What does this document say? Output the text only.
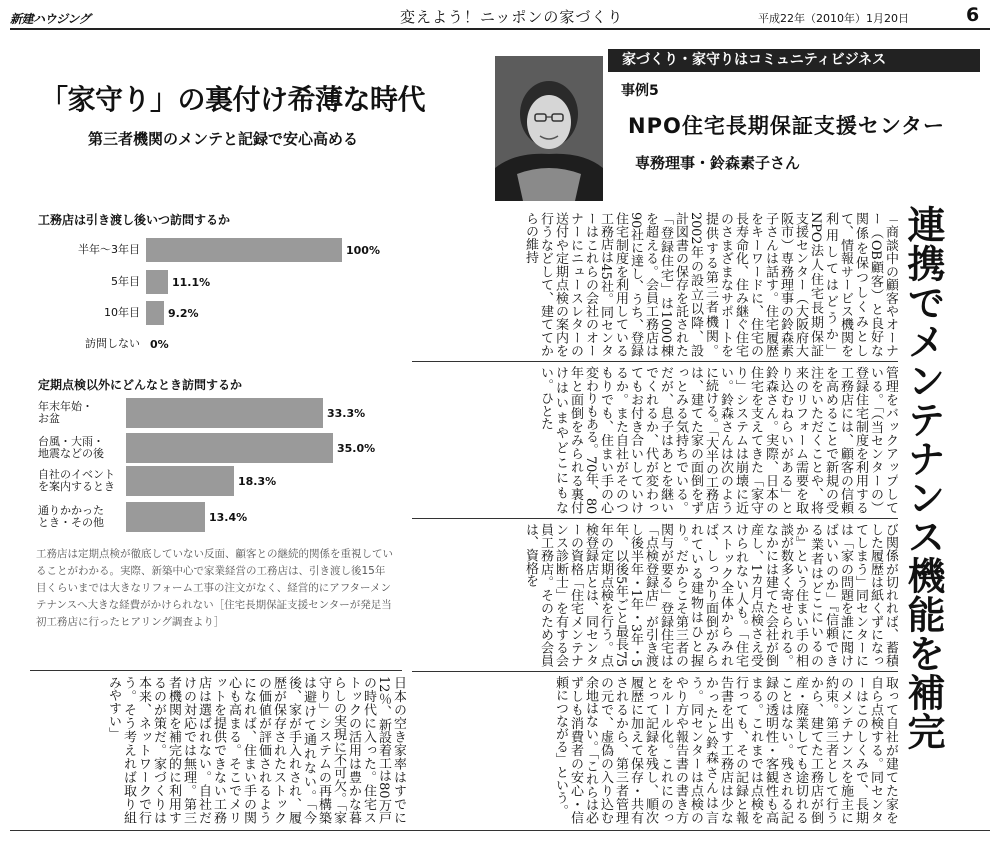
新建ハウジング	変えよう！ニッポンの家づくり	平成22年（2010年）1月20日	6
「家守り」の裏付け希薄な時代
第三者機関のメンテと記録で安心高める
家づくり・家守りはコミュニティビジネス
事例5
NPO住宅長期保証支援センター
専務理事・鈴森素子さん
連携でメンテナンス機能を補完
「商談中の顧客やオーナー（OB顧客）と良好な関係を保つしくみとして、情報サービス機関を利用してはどうか」NPO法人住宅長期保証支援センター（大阪府大阪市）専務理事の鈴森素子さんは話す。住宅履歴をキーワードに、住宅の長寿命化、住み継ぐ住宅のさまざまなサポートを提供する第三者機関。2002年の設立以降、設計図書の保存を託された「登録住宅」は1000棟を超える。会員工務店は90社に達し、うち、登録住宅制度を利用している工務店は45社。同センターはこれらの会社のオーナーにニュースレターの送付や定期点検の案内を行うなどして、建ててからの維持
管理をバックアップしている。「（当センターの）登録住宅制度を利用する工務店には、顧客の信頼を高めることで新規の受注をいただくことや、将来のリフォーム需要を取り込むねらいがある」と鈴森さん。実際、日本の住宅を支えてきた「家守り」システムは崩壊に近い。鈴森さんは次のように続ける。「大半の工務店は、建てた家の面倒をずっとみる気持ちでいる。だが、息子はあとを継いでくれるか、代が変わってもお付き合いしていけるか。また自社がそのつもりでも、住まい手の心変わりもある。70年、80年と面倒をみられる裏付けはいまやどこにもない。ひとた
び関係が切れれば、蓄積した履歴は紙くずになってしまう」同センターには「家の問題を誰に聞けばいいのか」『信頼できる業者はどこにいるのか』という住まい手の相談が数多く寄せられる。なかには建てた会社が倒産し、1カ月点検さえ受けられない人も。「住宅ストック全体からみれば、しっかり面倒がみられている建物はひと握り。だからこそ第三者の関与が要る」登録住宅は「点検登録店」が引き渡し後半年・1年・3年・5年、以後5年ごと最長75年の定期点検を行う。点検登録店とは、同センターの資格「住宅メンテナンス診断士」を有する会員工務店。そのため会員は、資格を
取って自社が建てた家を自ら点検する。同センターはこのしくみで、長期のメンテナンスを施主に約束。第三者として行うから、建てた工務店が倒産・廃業しても途切れることはない。残される記録の透明性・客観性も高まる。これまでは点検を行っても、その記録と報告書を出す工務店は少なかったと鈴森さんは言う。同センターは点検のやり方や報告書の書き方をルール化。これにのっとって記録を残し、順次履歴に加えて保存・共有されるから、第三者管理の元で、虚偽の入り込む余地はない。「これらは必ずしも消費者の安心・信頼につながる」という。
日本の空き家率はすでに12％、新設着工は80万戸の時代に入った。住宅ストックの活用は豊かな暮らしの実現に不可欠。「家守り」システムの再構築は避けて通れない。「今後、家が手入れされ、履歴が保存されたストックの価値が評価されるようになれば、住まい手の関心も高まる。そこでメリットを提供できない工務店は選ばれない。自社だけの対応では無理。第三者機関を補完的に利用するのが策だ。家づくりは本来、ネットワークで行う。そう考えれば取り組みやすい」
工務店は引き渡し後いつ訪問するか
半年〜3年目	100%
5年目	11.1%
10年目	9.2%
訪問しない 0%
定期点検以外にどんなとき訪問するか
年末年始・
お盆	33.3%
台風・大雨・
地震などの後	35.0%
自社のイベント
を案内するとき	18.3%
通りかかった
とき・その他	13.4%
工務店は定期点検が徹底していない反面、顧客との継続的関係を重視していることがわかる。実際、新築中心で家業経営の工務店は、引き渡し後15年目くらいまでは大きなリフォーム工事の注文がなく、経営的にアフターメンテナンスへ大きな経費がかけられない［住宅長期保証支援センターが発足当初工務店に行ったヒアリング調査より］
